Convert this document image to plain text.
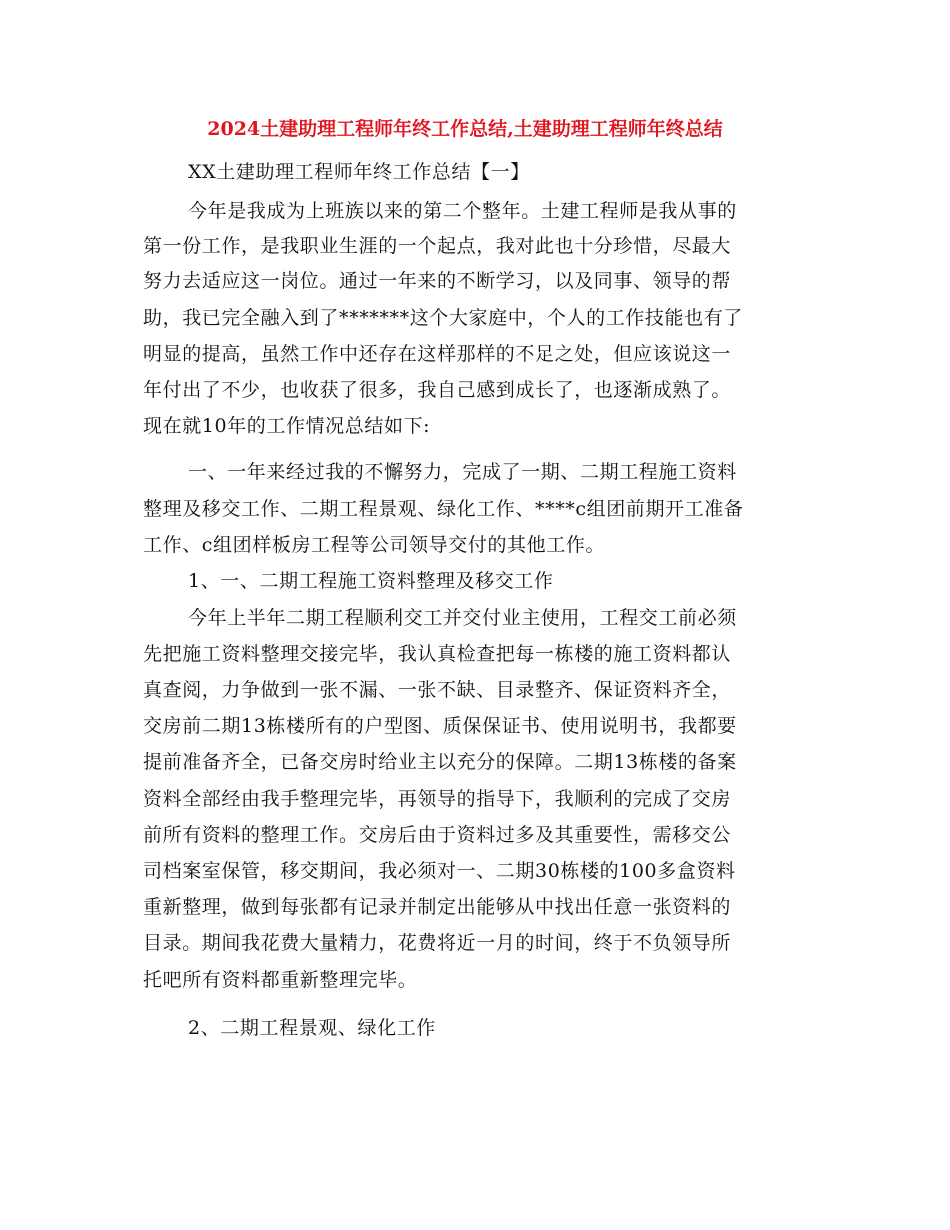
2024土建助理工程师年终工作总结,土建助理工程师年终总结
XX土建助理工程师年终工作总结【一】
今年是我成为上班族以来的第二个整年。土建工程师是我从事的
第一份工作，是我职业生涯的一个起点，我对此也十分珍惜，尽最大
努力去适应这一岗位。通过一年来的不断学习，以及同事、领导的帮
助，我已完全融入到了*******这个大家庭中，个人的工作技能也有了
明显的提高，虽然工作中还存在这样那样的不足之处，但应该说这一
年付出了不少，也收获了很多，我自己感到成长了，也逐渐成熟了。
现在就10年的工作情况总结如下:
一、一年来经过我的不懈努力，完成了一期、二期工程施工资料
整理及移交工作、二期工程景观、绿化工作、****c组团前期开工准备
工作、c组团样板房工程等公司领导交付的其他工作。
1、一、二期工程施工资料整理及移交工作
今年上半年二期工程顺利交工并交付业主使用，工程交工前必须
先把施工资料整理交接完毕，我认真检查把每一栋楼的施工资料都认
真查阅，力争做到一张不漏、一张不缺、目录整齐、保证资料齐全，
交房前二期13栋楼所有的户型图、质保保证书、使用说明书，我都要
提前准备齐全，已备交房时给业主以充分的保障。二期13栋楼的备案
资料全部经由我手整理完毕，再领导的指导下，我顺利的完成了交房
前所有资料的整理工作。交房后由于资料过多及其重要性，需移交公
司档案室保管，移交期间，我必须对一、二期30栋楼的100多盒资料
重新整理，做到每张都有记录并制定出能够从中找出任意一张资料的
目录。期间我花费大量精力，花费将近一月的时间，终于不负领导所
托吧所有资料都重新整理完毕。
2、二期工程景观、绿化工作
